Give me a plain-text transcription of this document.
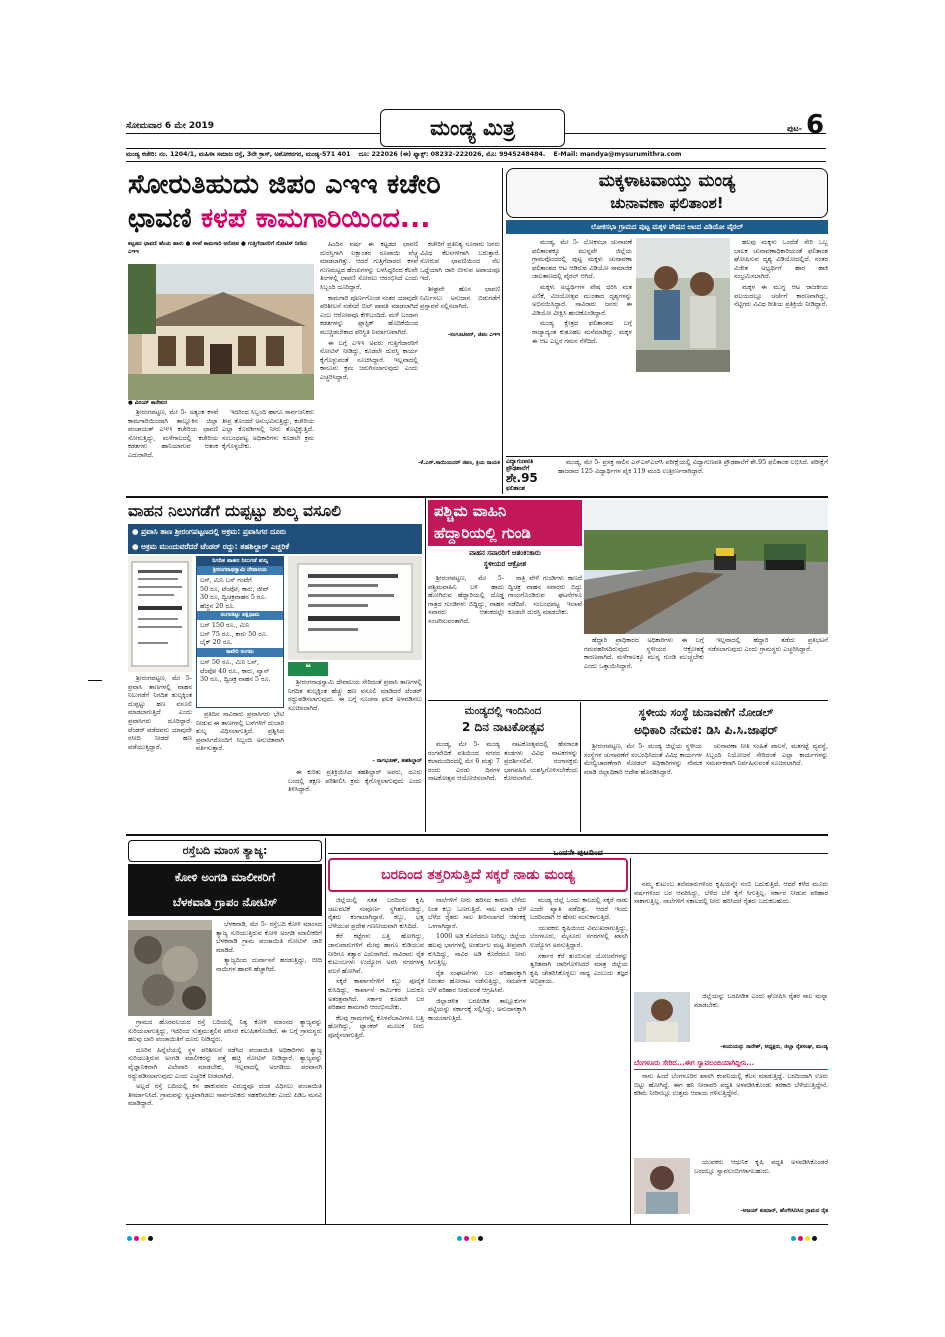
ಸೋಮವಾರ 6 ಮೇ 2019	ಮಂಡ್ಯ ಮಿತ್ರ	ಪುಟ- 6
ಮಂಡ್ಯ ಕಚೇರಿ: ನಂ. 1204/1, ಮಹಿಳಾ ಸಮಾಜ ರಸ್ತೆ, 3ನೇ ಕ್ರಾಸ್, ಅಶೋಕನಗರ, ಮಂಡ್ಯ-571 401 ದೂ: 222026 (ಈ) ಫ್ಯಾಕ್ಸ್: 08232-222026, ಮೊ: 9945248484. E-Mail: mandya@mysurumithra.com
ಸೋರುತಿಹುದು ಜಿಪಂ ಎಇಇ ಕಚೇರಿ
ಛಾವಣಿ ಕಳಪೆ ಕಾಮಗಾರಿಯಿಂದ...
ಕಟ್ಟಡದ ಛಾವಣಿ ಹೆಂಚು ಹಾಳು ● ಕಳಪೆ ಕಾಮಗಾರಿ ಆರೋಪ ● ಗುತ್ತಿಗೆದಾರರಿಗೆ ನೋಟಿಸ್ ನೀಡಿದ ಎಇಇ
● ವಿನಯ್ ಕಾರೇಕುರ

ಶ್ರೀರಂಗಪಟ್ಟಣ, ಮೇ 5- ಅತ್ಯಂತ ಕಳಪೆ ಕಾಮಗಾರಿಯಿಂದಾಗಿ ತಾಲ್ಲೂಕಿನ ಜಿಲ್ಲಾ ಪಂಚಾಯತ್ ಎಇಇ ಕಚೇರಿಯ ಛಾವಣಿ ಸೋರುತ್ತಿದ್ದು, ಮಳೆಗಾಲದಲ್ಲಿ ಕಚೇರಿಯ ಕಡತಗಳು ಹಾನಿಯಾಗುವ ಆತಂಕ ಎದುರಾಗಿದೆ.

ಇದರಿಂದ ಸಿಬ್ಬಂದಿ ಹಾಗೂ ಸಾರ್ವಜನಿಕರು ತೀವ್ರ ತೊಂದರೆ ಅನುಭವಿಸುತ್ತಿದ್ದು, ಕಚೇರಿಯ ಎಲ್ಲಾ ಕೊಠಡಿಗಳಲ್ಲಿ ನೀರು ತೊಟ್ಟಿಕ್ಕುತ್ತಿದೆ. ಸಂಬಂಧಪಟ್ಟ ಅಧಿಕಾರಿಗಳು ಕೂಡಲೇ ಕ್ರಮ ಕೈಗೊಳ್ಳಬೇಕು.

ಹಿಂದಿನ ವರ್ಷ ಈ ಕಟ್ಟಡದ ಛಾವಣಿ ದುರಸ್ತಿಗಾಗಿ ಲಕ್ಷಾಂತರ ರೂಪಾಯಿ ವೆಚ್ಚ ಮಾಡಲಾಗಿತ್ತು. ಆದರೆ ಗುತ್ತಿಗೆದಾರರು ಕಳಪೆ ಗುಣಮಟ್ಟದ ಹೆಂಚುಗಳನ್ನು ಬಳಸಿದ್ದರಿಂದ ಕೆಲವೇ ತಿಂಗಳಲ್ಲಿ ಛಾವಣಿ ಸೋರಲು ಆರಂಭಿಸಿದೆ ಎಂದು ಸಿಬ್ಬಂದಿ ದೂರಿದ್ದಾರೆ.

ಕಾಮಗಾರಿ ಪೂರ್ಣಗೊಂಡ ನಂತರ ಯಾವುದೇ ಪರಿಶೀಲನೆ ನಡೆಸದೆ ಬಿಲ್ ಪಾವತಿ ಮಾಡಲಾಗಿದೆ ಎಂಬ ಆರೋಪವೂ ಕೇಳಿಬಂದಿದೆ. ಮಳೆ ಬಂದಾಗ ಕಡತಗಳನ್ನು ಪ್ಲಾಸ್ಟಿಕ್ ಹೊದಿಕೆಯಿಂದ ಮುಚ್ಚಿಡಬೇಕಾದ ಪರಿಸ್ಥಿತಿ ನಿರ್ಮಾಣವಾಗಿದೆ.

ಈ ಬಗ್ಗೆ ಎಇಇ ಅವರು ಗುತ್ತಿಗೆದಾರರಿಗೆ ನೋಟಿಸ್ ನೀಡಿದ್ದು, ಕೂಡಲೇ ದುರಸ್ತಿ ಕಾರ್ಯ ಕೈಗೊಳ್ಳುವಂತೆ ಸೂಚಿಸಿದ್ದಾರೆ. ಇಲ್ಲವಾದಲ್ಲಿ ಕಾನೂನು ಕ್ರಮ ಜರುಗಿಸಲಾಗುವುದು ಎಂದು ಎಚ್ಚರಿಸಿದ್ದಾರೆ.

-ಸಂಗೂಟಿಆರ್, ಜಿಪಂ ಎಇಇ

ಕಚೇರಿಗೆ ಪ್ರತಿನಿತ್ಯ ನೂರಾರು ಜನರು ವಿವಿಧ ಕೆಲಸಗಳಿಗಾಗಿ ಬರುತ್ತಾರೆ. ಸೋರುವ ಛಾವಣಿಯಿಂದ ನೆಲ ಒದ್ದೆಯಾಗಿ ಜಾರಿ ಬೀಳುವ ಅಪಾಯವೂ ಇದೆ.

ಶೀಘ್ರವೇ ಹೊಸ ಛಾವಣಿ ನಿರ್ಮಿಸಲು ಅನುದಾನ ಬಿಡುಗಡೆಗೆ ಪ್ರಸ್ತಾವನೆ ಸಲ್ಲಿಸಲಾಗಿದೆ.

-ಕೆ.ಎಸ್.ಸಾಯಿಯದರ್ ಜಿಪಂ, ಕ್ರಿಯ ನಾಯಕ
ಮಕ್ಕಳಾಟವಾಯ್ತು ಮಂಡ್ಯ
ಚುನಾವಣಾ ಫಲಿತಾಂಶ!
ಲೋಕಸಭಾ ಗ್ರಾಮದ ಪುಟ್ಟ ಮಕ್ಕಳ ವೇಷದ ಆಟದ ವಿಡಿಯೋ ವೈರಲ್

ಮಂಡ್ಯ, ಮೇ 5- ಲೋಕಸಭಾ ಚುನಾವಣೆ ಫಲಿತಾಂಶಕ್ಕೂ ಮುನ್ನವೇ ಜಿಲ್ಲೆಯ ಗ್ರಾಮವೊಂದರಲ್ಲಿ ಪುಟ್ಟ ಮಕ್ಕಳು ಚುನಾವಣಾ ಫಲಿತಾಂಶದ ಆಟ ಆಡಿರುವ ವಿಡಿಯೋ ಸಾಮಾಜಿಕ ಜಾಲತಾಣದಲ್ಲಿ ವೈರಲ್ ಆಗಿದೆ.

ಮಕ್ಕಳು ಅಭ್ಯರ್ಥಿಗಳ ವೇಷ ಧರಿಸಿ ಮತ ಎಣಿಕೆ, ವಿಜಯೋತ್ಸವ ಮುಂತಾದ ದೃಶ್ಯಗಳನ್ನು ಅಭಿನಯಿಸಿದ್ದಾರೆ. ಸಾವಿರಾರು ಜನರು ಈ ವಿಡಿಯೋ ವೀಕ್ಷಿಸಿ ಹಂಚಿಕೊಂಡಿದ್ದಾರೆ.

ಮಂಡ್ಯ ಕ್ಷೇತ್ರದ ಫಲಿತಾಂಶದ ಬಗ್ಗೆ ರಾಜ್ಯಾದ್ಯಂತ ಕುತೂಹಲ ಮನೆಮಾಡಿದ್ದು, ಮಕ್ಕಳ ಈ ಆಟ ಎಲ್ಲರ ಗಮನ ಸೆಳೆದಿದೆ.

ಹಲವು ಮಕ್ಕಳು ಒಂದೆಡೆ ಸೇರಿ ಒಬ್ಬ ಬಾಲಕ ಚುನಾವಣಾಧಿಕಾರಿಯಂತೆ ಫಲಿತಾಂಶ ಘೋಷಿಸುವ ದೃಶ್ಯ ವಿಡಿಯೋದಲ್ಲಿದೆ. ನಂತರ ವಿಜೇತ ಅಭ್ಯರ್ಥಿಗೆ ಹಾರ ಹಾಕಿ ಸಂಭ್ರಮಿಸಲಾಗಿದೆ.

ಮಕ್ಕಳ ಈ ಮುಗ್ಧ ಆಟ ರಾಜಕೀಯ ವಲಯದಲ್ಲೂ ಚರ್ಚೆಗೆ ಕಾರಣವಾಗಿದ್ದು, ನೆಟ್ಟಿಗರು ವಿವಿಧ ರೀತಿಯ ಪ್ರತಿಕ್ರಿಯೆ ನೀಡಿದ್ದಾರೆ.

ವಿದ್ಯಾಗುಣವತಿ
ಪ್ರೌಢಶಾಲೆಗೆ
ಶೇ.95
ಫಲಿತಾಂಶ

ಮಂಡ್ಯ, ಮೇ 5- ಪ್ರಸಕ್ತ ಸಾಲಿನ ಎಸ್‍ಎಸ್‍ಎಲ್‍ಸಿ ಪರೀಕ್ಷೆಯಲ್ಲಿ ವಿದ್ಯಾಗುಣವತಿ ಪ್ರೌಢಶಾಲೆಗೆ ಶೇ.95 ಫಲಿತಾಂಶ ಲಭಿಸಿದೆ. ಪರೀಕ್ಷೆಗೆ ಹಾಜರಾದ 125 ವಿದ್ಯಾರ್ಥಿಗಳ ಪೈಕಿ 119 ಮಂದಿ ಉತ್ತೀರ್ಣರಾಗಿದ್ದಾರೆ.

ವಾಹನ ನಿಲುಗಡೆಗೆ ದುಪ್ಪಟ್ಟು ಶುಲ್ಕ ವಸೂಲಿ
● ಪ್ರವಾಸಿ ತಾಣ ಶ್ರೀರಂಗಪಟ್ಟಣದಲ್ಲಿ ಅಕ್ರಮ: ಪ್ರವಾಸಿಗರ ದೂರು
● ಅಕ್ರಮ ಮುಂದುವರೆದರೆ ಟೆಂಡರ್ ರದ್ದು: ತಹಶಿಲ್ದಾರ್ ಎಚ್ಚರಿಕೆ
ನಿಗದಿತ ವಾಹನ ನಿಲುಗಡೆ ಶುಲ್ಕ
ಶ್ರೀರಂಗನಾಥಸ್ವಾಮಿ ದೇವಾಲಯ
ಬಸ್, ಮಿನಿ ಬಸ್ ಗಂಟೆಗೆ
50 ರೂ, ಟೆಂಪೋ, ಕಾರು, ಜೀಪ್
30 ರೂ, ದ್ವಿಚಕ್ರವಾಹನ 5 ರೂ.
ಹೆಚ್ಚಿನ 20 ರೂ.
ರಂಗನತಿಟ್ಟು ಪಕ್ಷಿಧಾಮ
ಬಸ್ 150 ರೂ., ಮಿನಿ
ಬಸ್ 75 ರೂ., ಕಾರು 50 ರೂ.
ಬೈಕ್ 20 ರೂ.
ಕಾವೇರಿ ಸಂಗಮ
ಬಸ್ 50 ರೂ., ಮಿನಿ ಬಸ್,
ಟೆಂಪೋ 40 ರೂ., ಕಾರು, ವ್ಯಾನ್
30 ರೂ., ದ್ವಿಚಕ್ರ ವಾಹನ 5 ರೂ.
❝

ಶ್ರೀರಂಗನಾಥಸ್ವಾಮಿ ದೇವಾಲಯ ಸೇರಿದಂತೆ ಪ್ರವಾಸಿ ತಾಣಗಳಲ್ಲಿ ನಿಗದಿತ ಶುಲ್ಕಕ್ಕಿಂತ ಹೆಚ್ಚು ಹಣ ವಸೂಲಿ ಮಾಡಿದರೆ ಟೆಂಡರ್ ರದ್ದುಪಡಿಸಲಾಗುವುದು. ಈ ಬಗ್ಗೆ ಸೂಚನಾ ಫಲಕ ಅಳವಡಿಸಲು ಸೂಚಿಸಲಾಗಿದೆ.

- ನಾಗಭೂಣ್, ತಹಶಿಲ್ದಾರ್

ಶ್ರೀರಂಗಪಟ್ಟಣ, ಮೇ 5- ಪ್ರವಾಸಿ ತಾಣಗಳಲ್ಲಿ ವಾಹನ ನಿಲುಗಡೆಗೆ ನಿಗದಿತ ಶುಲ್ಕಕ್ಕಿಂತ ದುಪ್ಪಟ್ಟು ಹಣ ವಸೂಲಿ ಮಾಡಲಾಗುತ್ತಿದೆ ಎಂದು ಪ್ರವಾಸಿಗರು ದೂರಿದ್ದಾರೆ. ಟೆಂಡರ್ ಪಡೆದವರು ಯಾವುದೇ ರಸೀದಿ ನೀಡದೆ ಹಣ ಪಡೆಯುತ್ತಿದ್ದಾರೆ.

ಪ್ರತಿದಿನ ಸಾವಿರಾರು ಪ್ರವಾಸಿಗರು ಭೇಟಿ ನೀಡುವ ಈ ತಾಣಗಳಲ್ಲಿ ಬಸ್‍ಗಳಿಗೆ ದುಬಾರಿ ಶುಲ್ಕ ವಿಧಿಸಲಾಗುತ್ತಿದೆ. ಪ್ರಶ್ನಿಸಿದ ಪ್ರವಾಸಿಗರೊಂದಿಗೆ ಸಿಬ್ಬಂದಿ ಅನುಚಿತವಾಗಿ ವರ್ತಿಸುತ್ತಾರೆ.

ಈ ಕುರಿತು ಪ್ರತಿಕ್ರಿಯಿಸಿದ ತಹಶಿಲ್ದಾರ್ ಅವರು, ದೂರು ಬಂದಲ್ಲಿ ತಕ್ಷಣ ಪರಿಶೀಲಿಸಿ ಕ್ರಮ ಕೈಗೊಳ್ಳಲಾಗುವುದು ಎಂದು ತಿಳಿಸಿದ್ದಾರೆ.

ಪಶ್ಚಿಮ ವಾಹಿನಿ
ಹೆದ್ದಾರಿಯಲ್ಲಿ ಗುಂಡಿ
ವಾಹನ ಸವಾರರಿಗೆ ಆತಂಕ:ಕಾರು
ಸ್ಥಳೀಯರ ಆಕ್ರೋಶ

ಶ್ರೀರಂಗಪಟ್ಟಣ, ಮೇ 5- ಪಶ್ಚಿಮವಾಹಿನಿ ಬಳಿ ಹಾದು ಹೋಗಿರುವ ಹೆದ್ದಾರಿಯಲ್ಲಿ ದೊಡ್ಡ ಗಾತ್ರದ ಗುಂಡಿಗಳು ಬಿದ್ದಿದ್ದು, ವಾಹನ ಸವಾರರು ಆತಂಕದಲ್ಲೇ ಸಂಚರಿಸುವಂತಾಗಿದೆ.

ರಾತ್ರಿ ವೇಳೆ ಗುಂಡಿಗಳು ಕಾಣದೆ ದ್ವಿಚಕ್ರ ವಾಹನ ಸವಾರರು ಬಿದ್ದು ಗಾಯಗೊಂಡಿರುವ ಘಟನೆಗಳೂ ನಡೆದಿವೆ. ಸಂಬಂಧಪಟ್ಟ ಇಲಾಖೆ ಕೂಡಲೇ ದುರಸ್ತಿ ಮಾಡಬೇಕು.

ಹೆದ್ದಾರಿ ಪ್ರಾಧಿಕಾರದ ಅಧಿಕಾರಿಗಳು ಈ ಬಗ್ಗೆ ಗಮನಹರಿಸದಿರುವುದು ಸ್ಥಳೀಯರ ಆಕ್ರೋಶಕ್ಕೆ ಕಾರಣವಾಗಿದೆ. ಮಳೆಗಾಲಕ್ಕೂ ಮುನ್ನ ಗುಂಡಿ ಮುಚ್ಚಬೇಕು ಎಂದು ಒತ್ತಾಯಿಸಿದ್ದಾರೆ.

ಇಲ್ಲವಾದಲ್ಲಿ ಹೆದ್ದಾರಿ ತಡೆದು ಪ್ರತಿಭಟನೆ ನಡೆಸಲಾಗುವುದು ಎಂದು ಗ್ರಾಮಸ್ಥರು ಎಚ್ಚರಿಸಿದ್ದಾರೆ.

ಮಂಡ್ಯದಲ್ಲಿ ಇಂದಿನಿಂದ
2 ದಿನ ನಾಟಕೋತ್ಸವ

ಮಂಡ್ಯ, ಮೇ 5- ಮಂಡ್ಯ ರಂಗವೇದಿಕೆ ವತಿಯಿಂದ ನಗರದ ಕಲಾಮಂದಿರದಲ್ಲಿ ಮೇ 6 ಮತ್ತು 7 ರಂದು ಎರಡು ದಿನಗಳ ನಾಟಕೋತ್ಸವ ಆಯೋಜಿಸಲಾಗಿದೆ.

ನಾಟಕೋತ್ಸವದಲ್ಲಿ ಹೆಸರಾಂತ ತಂಡಗಳು ವಿವಿಧ ನಾಟಕಗಳನ್ನು ಪ್ರದರ್ಶಿಸಲಿವೆ. ರಂಗಾಸಕ್ತರು ಭಾಗವಹಿಸಿ ಯಶಸ್ವಿಗೊಳಿಸಬೇಕೆಂದು ಕೋರಲಾಗಿದೆ.

ಸ್ಥಳೀಯ ಸಂಸ್ಥೆ ಚುನಾವಣೆಗೆ ನೋಡಲ್
ಅಧಿಕಾರಿ ನೇಮಕ: ಡಿಸಿ ಪಿ.ಸಿ.ಜಾಫರ್

ಶ್ರೀರಂಗಪಟ್ಟಣ, ಮೇ 5- ಮಂಡ್ಯ ಜಿಲ್ಲೆಯ ಸ್ಥಳೀಯ ಸಂಸ್ಥೆಗಳ ಚುನಾವಣೆಗೆ ಸಂಬಂಧಿಸಿದಂತೆ ವಿವಿಧ ಕಾರ್ಯಗಳ ಮೇಲ್ವಿಚಾರಣೆಗಾಗಿ ನೋಡಲ್ ಅಧಿಕಾರಿಗಳನ್ನು ನೇಮಕ ಮಾಡಿ ಜಿಲ್ಲಾಧಿಕಾರಿ ಆದೇಶ ಹೊರಡಿಸಿದ್ದಾರೆ.

ಚುನಾವಣಾ ನೀತಿ ಸಂಹಿತೆ ಪಾಲನೆ, ಮತಗಟ್ಟೆ ವ್ಯವಸ್ಥೆ, ಸಿಬ್ಬಂದಿ ನಿಯೋಜನೆ ಸೇರಿದಂತೆ ಎಲ್ಲಾ ಕಾರ್ಯಗಳನ್ನು ಸಮರ್ಪಕವಾಗಿ ನಿರ್ವಹಿಸುವಂತೆ ಸೂಚಿಸಲಾಗಿದೆ.

ರಸ್ತೆಬದಿ ಮಾಂಸ ತ್ಯಾಜ್ಯ:
ಕೋಳಿ ಅಂಗಡಿ ಮಾಲೀಕರಿಗೆ
ಬೆಳಕವಾಡಿ ಗ್ರಾಪಂ ನೋಟಿಸ್

ಬೆಳಕವಾಡಿ, ಮೇ 5- ರಸ್ತೆಬದಿ ಕೋಳಿ ಮಾಂಸದ ತ್ಯಾಜ್ಯ ಸುರಿಯುತ್ತಿರುವ ಕೋಳಿ ಅಂಗಡಿ ಮಾಲೀಕರಿಗೆ ಬೆಳಕವಾಡಿ ಗ್ರಾಮ ಪಂಚಾಯಿತಿ ನೋಟಿಸ್ ಜಾರಿ ಮಾಡಿದೆ.

ತ್ಯಾಜ್ಯದಿಂದ ದುರ್ವಾಸನೆ ಹರಡುತ್ತಿದ್ದು, ಬೀದಿ ನಾಯಿಗಳ ಹಾವಳಿ ಹೆಚ್ಚಾಗಿದೆ.

ಗ್ರಾಮದ ಹೊರವಲಯದ ರಸ್ತೆ ಬದಿಯಲ್ಲಿ ನಿತ್ಯ ಕೋಳಿ ಮಾಂಸದ ತ್ಯಾಜ್ಯವನ್ನು ಸುರಿಯಲಾಗುತ್ತಿದ್ದು, ಇದರಿಂದ ಸುತ್ತಮುತ್ತಲಿನ ಪರಿಸರ ಕಲುಷಿತಗೊಂಡಿದೆ. ಈ ಬಗ್ಗೆ ಗ್ರಾಮಸ್ಥರು ಹಲವು ಬಾರಿ ಪಂಚಾಯಿತಿಗೆ ದೂರು ನೀಡಿದ್ದರು.

ದೂರಿನ ಹಿನ್ನೆಲೆಯಲ್ಲಿ ಸ್ಥಳ ಪರಿಶೀಲನೆ ನಡೆಸಿದ ಪಂಚಾಯಿತಿ ಅಧಿಕಾರಿಗಳು ತ್ಯಾಜ್ಯ ಸುರಿಯುತ್ತಿರುವ ಅಂಗಡಿ ಮಾಲೀಕರನ್ನು ಪತ್ತೆ ಹಚ್ಚಿ ನೋಟಿಸ್ ನೀಡಿದ್ದಾರೆ. ತ್ಯಾಜ್ಯವನ್ನು ವೈಜ್ಞಾನಿಕವಾಗಿ ವಿಲೇವಾರಿ ಮಾಡಬೇಕು, ಇಲ್ಲವಾದಲ್ಲಿ ಅಂಗಡಿಯ ಪರವಾನಗಿ ರದ್ದುಪಡಿಸಲಾಗುವುದು ಎಂದು ಎಚ್ಚರಿಕೆ ನೀಡಲಾಗಿದೆ.

ಅಲ್ಲದೆ ರಸ್ತೆ ಬದಿಯಲ್ಲಿ ಕಸ ಹಾಕುವವರ ವಿರುದ್ಧವೂ ದಂಡ ವಿಧಿಸಲು ಪಂಚಾಯಿತಿ ತೀರ್ಮಾನಿಸಿದೆ. ಗ್ರಾಮವನ್ನು ಸ್ವಚ್ಛವಾಗಿಡಲು ಸಾರ್ವಜನಿಕರು ಸಹಕರಿಸಬೇಕು ಎಂದು ಪಿಡಿಒ ಮನವಿ ಮಾಡಿದ್ದಾರೆ.

ಒಂದನೇ ಪುಟದಿಂದ
ಬರದಿಂದ ತತ್ತರಿಸುತ್ತಿದೆ ಸಕ್ಕರೆ ನಾಡು ಮಂಡ್ಯ

ಜಿಲ್ಲೆಯಲ್ಲಿ ಸತತ ಬರದಿಂದ ಕೃಷಿ ಚಟುವಟಿಕೆ ಸಂಪೂರ್ಣ ಸ್ಥಗಿತಗೊಂಡಿದ್ದು, ರೈತರು ಕಂಗಾಲಾಗಿದ್ದಾರೆ. ಕಬ್ಬು, ಭತ್ತ ಬೆಳೆಯುವ ಪ್ರದೇಶ ಗಣನೀಯವಾಗಿ ಕುಸಿದಿದೆ.

ಕೆರೆ ಕಟ್ಟೆಗಳು ಬತ್ತಿ ಹೋಗಿದ್ದು, ಜಾನುವಾರುಗಳಿಗೆ ಮೇವು ಹಾಗೂ ಕುಡಿಯುವ ನೀರಿಗೂ ತತ್ವಾರ ಎದುರಾಗಿದೆ. ಸಾವಿರಾರು ರೈತ ಕುಟುಂಬಗಳು ಉದ್ಯೋಗ ಅರಸಿ ನಗರಗಳತ್ತ ವಲಸೆ ಹೋಗಿವೆ.

ಸಕ್ಕರೆ ಕಾರ್ಖಾನೆಗಳಿಗೆ ಕಬ್ಬು ಪೂರೈಕೆ ಕುಸಿದಿದ್ದು, ಕಾರ್ಖಾನೆ ಕಾರ್ಮಿಕರ ಬದುಕೂ ಅತಂತ್ರವಾಗಿದೆ. ಸರ್ಕಾರ ಕೂಡಲೇ ಬರ ಪರಿಹಾರ ಕಾಮಗಾರಿ ಆರಂಭಿಸಬೇಕು.

ಕೆಲವು ಗ್ರಾಮಗಳಲ್ಲಿ ಕೊಳವೆಬಾವಿಗಳೂ ಬತ್ತಿ ಹೋಗಿದ್ದು, ಟ್ಯಾಂಕರ್ ಮೂಲಕ ನೀರು ಪೂರೈಸಲಾಗುತ್ತಿದೆ.

ನಾಲೆಗಳಿಗೆ ನೀರು ಹರಿಸದ ಕಾರಣ ಬೆಳೆದು ನಿಂತ ಕಬ್ಬು ಒಣಗುತ್ತಿದೆ. ಸಾಲ ಮಾಡಿ ಬೆಳೆ ಬೆಳೆದ ರೈತರು ಸಾಲ ತೀರಿಸಲಾಗದೆ ಆತಂಕಕ್ಕೆ ಒಳಗಾಗಿದ್ದಾರೆ.

1000 ಅಡಿ ಕೊರೆದರೂ ನೀರಿಲ್ಲ: ಜಿಲ್ಲೆಯ ಹಲವು ಭಾಗಗಳಲ್ಲಿ ಅಂತರ್ಜಲ ಮಟ್ಟ ತೀವ್ರವಾಗಿ ಕುಸಿದಿದ್ದು, ಸಾವಿರ ಅಡಿ ಕೊರೆದರೂ ನೀರು ಸಿಗುತ್ತಿಲ್ಲ.

ರೈತ ಸಂಘಟನೆಗಳು ಬರ ಪರಿಹಾರಕ್ಕಾಗಿ ನಿರಂತರ ಹೋರಾಟ ನಡೆಸುತ್ತಿದ್ದು, ಸಮರ್ಪಕ ಬೆಳೆ ಪರಿಹಾರ ನೀಡುವಂತೆ ಆಗ್ರಹಿಸಿವೆ.

ಜಿಲ್ಲಾಡಳಿತ ಬರಪೀಡಿತ ತಾಲ್ಲೂಕುಗಳ ಪಟ್ಟಿಯನ್ನು ಸರ್ಕಾರಕ್ಕೆ ಸಲ್ಲಿಸಿದ್ದು, ಅನುದಾನಕ್ಕಾಗಿ ಕಾಯಲಾಗುತ್ತಿದೆ.

ಮಂಡ್ಯ ಜಿಲ್ಲೆ ಒಂದು ಕಾಲದಲ್ಲಿ ಸಕ್ಕರೆ ನಾಡು ಎಂದೇ ಖ್ಯಾತಿ ಪಡೆದಿತ್ತು. ಆದರೆ ಇಂದು ಬರದಿಂದಾಗಿ ಆ ಹೆಸರು ಮಸುಕಾಗುತ್ತಿದೆ.

ಯುವಕರು ಕೃಷಿಯಿಂದ ವಿಮುಖರಾಗುತ್ತಿದ್ದು, ಬೆಂಗಳೂರು, ಮೈಸೂರು ನಗರಗಳಲ್ಲಿ ಖಾಸಗಿ ಉದ್ಯೋಗ ಅರಸುತ್ತಿದ್ದಾರೆ.

ಸರ್ಕಾರ ಕೆರೆ ತುಂಬಿಸುವ ಯೋಜನೆಗಳನ್ನು ತ್ವರಿತವಾಗಿ ಜಾರಿಗೊಳಿಸಿದರೆ ಮಾತ್ರ ಜಿಲ್ಲೆಯ ಕೃಷಿ ಚೇತರಿಸಿಕೊಳ್ಳಲು ಸಾಧ್ಯ ಎಂಬುದು ತಜ್ಞರ ಅಭಿಪ್ರಾಯ.

ನಮ್ಮ ಕುಟುಂಬ ತಲೆಮಾರುಗಳಿಂದ ಕೃಷಿಯನ್ನೇ ನಂಬಿ ಬದುಕುತ್ತಿದೆ. ಆದರೆ ಕಳೆದ ಮೂರು ವರ್ಷಗಳಿಂದ ಬರ ಆವರಿಸಿದ್ದು, ಬೆಳೆದ ಬೆಳೆ ಕೈಗೆ ಸಿಗುತ್ತಿಲ್ಲ. ಸರ್ಕಾರ ನೀಡುವ ಪರಿಹಾರ ಸಾಕಾಗುತ್ತಿಲ್ಲ. ನಾಲೆಗಳಿಗೆ ಸಕಾಲದಲ್ಲಿ ನೀರು ಹರಿಸಿದರೆ ರೈತರು ಬದುಕಬಹುದು.

ಜಿಲ್ಲೆಯನ್ನು ಬರಪೀಡಿತ ಎಂದು ಘೋಷಿಸಿ ರೈತರ ಸಾಲ ಮನ್ನಾ ಮಾಡಬೇಕು.

-ಕಂದುಯನ್ನು ನಾರೇಶ್, ಅಧ್ಯಕ್ಷರು, ಜಿಲ್ಲಾ ರೈತಸಂಘ, ಮಂಡ್ಯ
ಬೆಂಗಳೂರು ಸೇರಿದ...ಈಗ ಸ್ವಾವಲಂಬಿಯಾಗಿದ್ದೀನಿ...

ನಾನು ಹಿಂದೆ ಬೆಂಗಳೂರಿನ ಖಾಸಗಿ ಕಂಪನಿಯಲ್ಲಿ ಕೆಲಸ ಮಾಡುತ್ತಿದ್ದೆ. ಬರದಿಂದಾಗಿ ಊರು ಬಿಟ್ಟು ಹೋಗಿದ್ದೆ. ಈಗ ಹನಿ ನೀರಾವರಿ ಪದ್ಧತಿ ಅಳವಡಿಸಿಕೊಂಡು ತರಕಾರಿ ಬೆಳೆಯುತ್ತಿದ್ದೇನೆ. ಕಡಿಮೆ ನೀರಿನಲ್ಲೂ ಉತ್ತಮ ಆದಾಯ ಗಳಿಸುತ್ತಿದ್ದೇನೆ.

ಯುವಕರು ಆಧುನಿಕ ಕೃಷಿ ಪದ್ಧತಿ ಅಳವಡಿಸಿಕೊಂಡರೆ ಬರದಲ್ಲೂ ಸ್ವಾವಲಂಬಿಗಳಾಗಬಹುದು.

-ಅಜಯ್ ಕುಮಾರ್, ಹೆಂಗೇಸಿನಿಸಿದ ಗ್ರಾಮದ ರೈತ
